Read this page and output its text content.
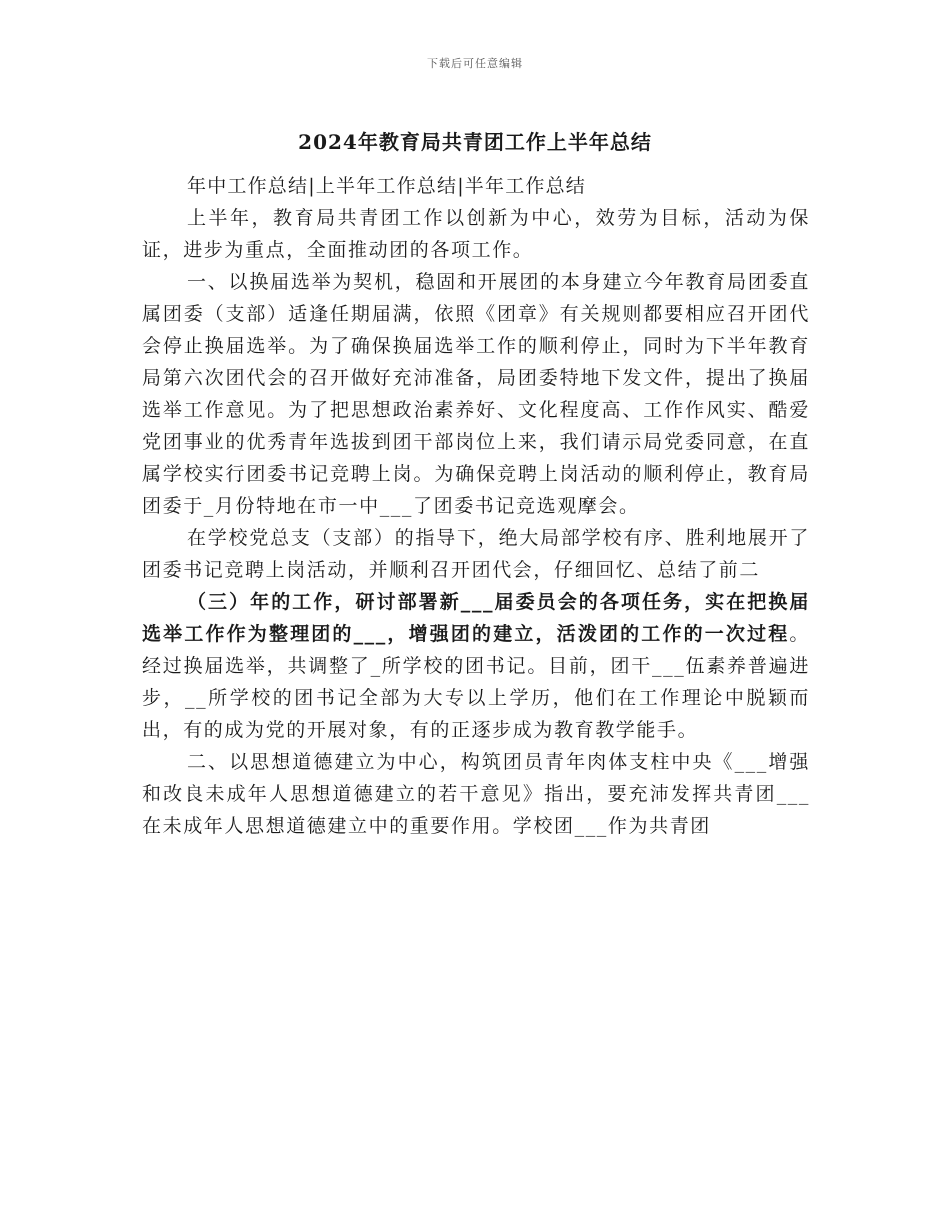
下载后可任意编辑
2024年教育局共青团工作上半年总结

年中工作总结|上半年工作总结|半年工作总结

上半年，教育局共青团工作以创新为中心，效劳为目标，活动为保证，进步为重点，全面推动团的各项工作。

一、以换届选举为契机，稳固和开展团的本身建立今年教育局团委直属团委（支部）适逢任期届满，依照《团章》有关规则都要相应召开团代会停止换届选举。为了确保换届选举工作的顺利停止，同时为下半年教育局第六次团代会的召开做好充沛准备，局团委特地下发文件，提出了换届选举工作意见。为了把思想政治素养好、文化程度高、工作作风实、酷爱党团事业的优秀青年选拔到团干部岗位上来，我们请示局党委同意，在直属学校实行团委书记竞聘上岗。为确保竞聘上岗活动的顺利停止，教育局团委于_月份特地在市一中___了团委书记竞选观摩会。

在学校党总支（支部）的指导下，绝大局部学校有序、胜利地展开了团委书记竞聘上岗活动，并顺利召开团代会，仔细回忆、总结了前二

（三）年的工作，研讨部署新___届委员会的各项任务，实在把换届选举工作作为整理团的___，增强团的建立，活泼团的工作的一次过程。经过换届选举，共调整了_所学校的团书记。目前，团干___伍素养普遍进步，__所学校的团书记全部为大专以上学历，他们在工作理论中脱颖而出，有的成为党的开展对象，有的正逐步成为教育教学能手。

二、以思想道德建立为中心，构筑团员青年肉体支柱中央《___增强和改良未成年人思想道德建立的若干意见》指出，要充沛发挥共青团___在未成年人思想道德建立中的重要作用。学校团___作为共青团
